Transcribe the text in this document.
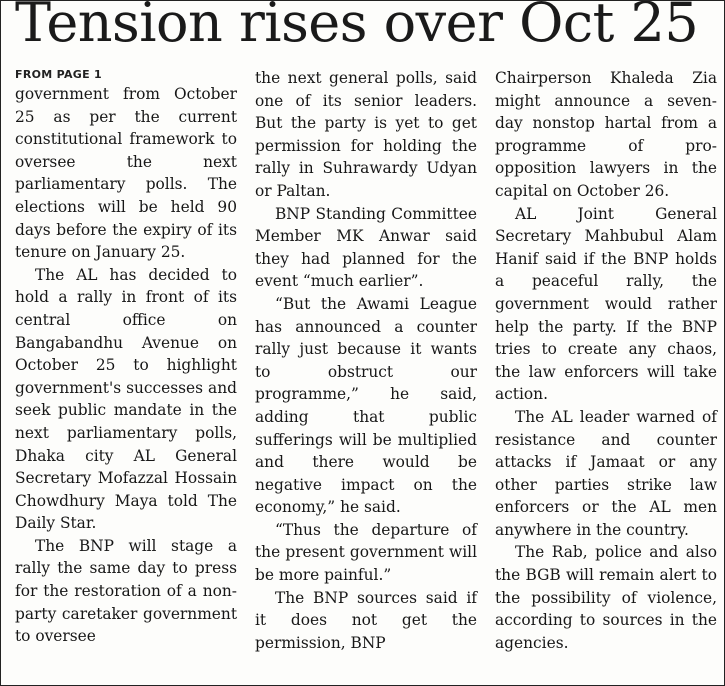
Tension rises over Oct 25
FROM PAGE 1

government from October 25 as per the current constitutional framework to oversee the next parliamentary polls. The elections will be held 90 days before the expiry of its tenure on January 25.

The AL has decided to hold a rally in front of its central office on Bangabandhu Avenue on October 25 to highlight government's successes and seek public mandate in the next parliamentary polls, Dhaka city AL General Secretary Mofazzal Hossain Chowdhury Maya told The Daily Star.

The BNP will stage a rally the same day to press for the restoration of a non-party caretaker government to oversee

the next general polls, said one of its senior leaders. But the party is yet to get permission for holding the rally in Suhrawardy Udyan or Paltan.

BNP Standing Committee Member MK Anwar said they had planned for the event “much earlier”.

“But the Awami League has announced a counter rally just because it wants to obstruct our programme,” he said, adding that public sufferings will be multiplied and there would be negative impact on the economy,” he said.

“Thus the departure of the present government will be more painful.”

The BNP sources said if it does not get the permission, BNP

Chairperson Khaleda Zia might announce a seven-day nonstop hartal from a programme of pro-opposition lawyers in the capital on October 26.

AL Joint General Secretary Mahbubul Alam Hanif said if the BNP holds a peaceful rally, the government would rather help the party. If the BNP tries to create any chaos, the law enforcers will take action.

The AL leader warned of resistance and counter attacks if Jamaat or any other parties strike law enforcers or the AL men anywhere in the country.

The Rab, police and also the BGB will remain alert to the possibility of violence, according to sources in the agencies.
